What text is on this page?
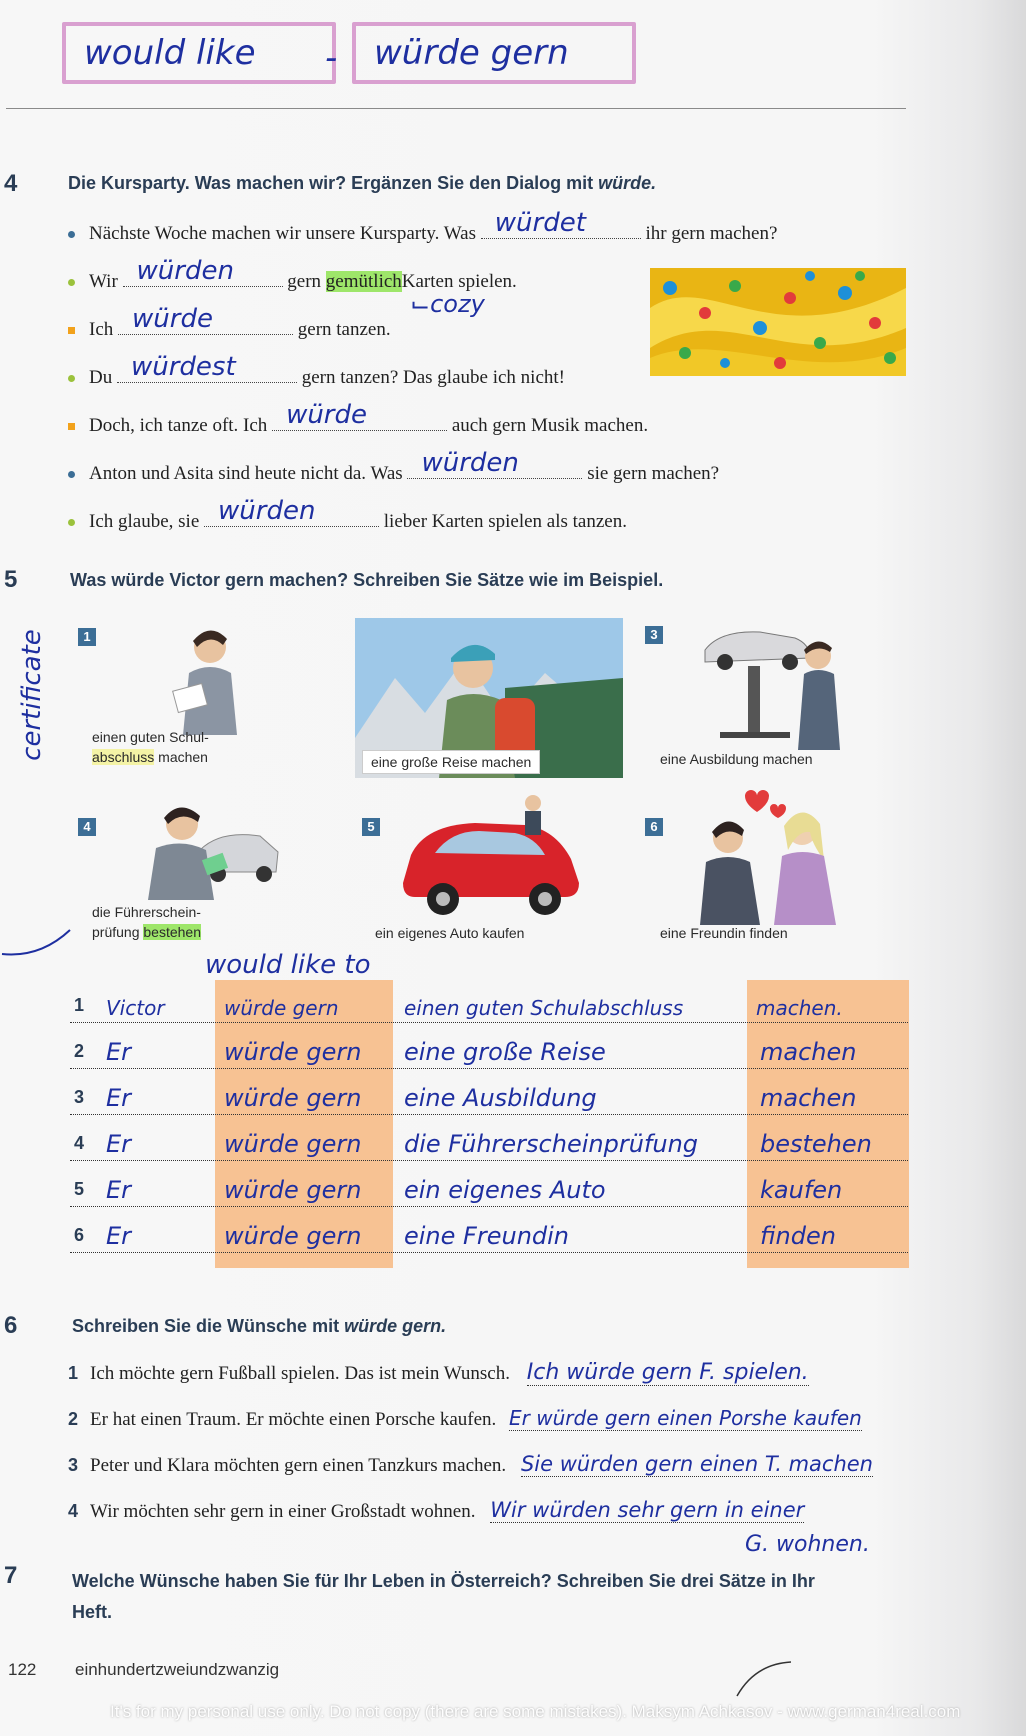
would like	-	würde gern
4	Die Kursparty. Was machen wir? Ergänzen Sie den Dialog mit würde.
Nächste Woche machen wir unsere Kursparty. Was würdet	ihr gern machen?
Wir würden	gern gemütlichKarten spielen.
⌙cozy
Ich würde	gern tanzen.
Du würdest	gern tanzen? Das glaube ich nicht!
Doch, ich tanze oft. Ich würde	auch gern Musik machen.
Anton und Asita sind heute nicht da. Was würden	sie gern machen?
Ich glaube, sie würden	lieber Karten spielen als tanzen.
5	Was würde Victor gern machen? Schreiben Sie Sätze wie im Beispiel.
certificate	1
einen guten Schul-
abschluss machen	eine große Reise machen
3
eine Ausbildung machen
4
die Führerschein-
prüfung bestehen
5
ein eigenes Auto kaufen
6
eine Freundin finden
would like to
1 Victor	würde gern	einen guten Schulabschluss	machen.
2 Er	würde gern eine große Reise	machen
3 Er	würde gern eine Ausbildung	machen
4 Er	würde gern die Führerscheinprüfung	bestehen
5 Er	würde gern ein eigenes Auto	kaufen
6 Er	würde gern eine Freundin	finden
6	Schreiben Sie die Wünsche mit würde gern.
1 Ich möchte gern Fußball spielen. Das ist mein Wunsch. Ich würde gern F. spielen.
2 Er hat einen Traum. Er möchte einen Porsche kaufen. Er würde gern einen Porshe kaufen
3 Peter und Klara möchten gern einen Tanzkurs machen. Sie würden gern einen T. machen
4 Wir möchten sehr gern in einer Großstadt wohnen. Wir würden sehr gern in einer
G. wohnen.
7	Welche Wünsche haben Sie für Ihr Leben in Österreich? Schreiben Sie drei Sätze in Ihr
Heft.
122 einhundertzweiundzwanzig
It's for my personal use only. Do not copy (there are some mistakes). Maksym Achkasov - www.german4real.com
